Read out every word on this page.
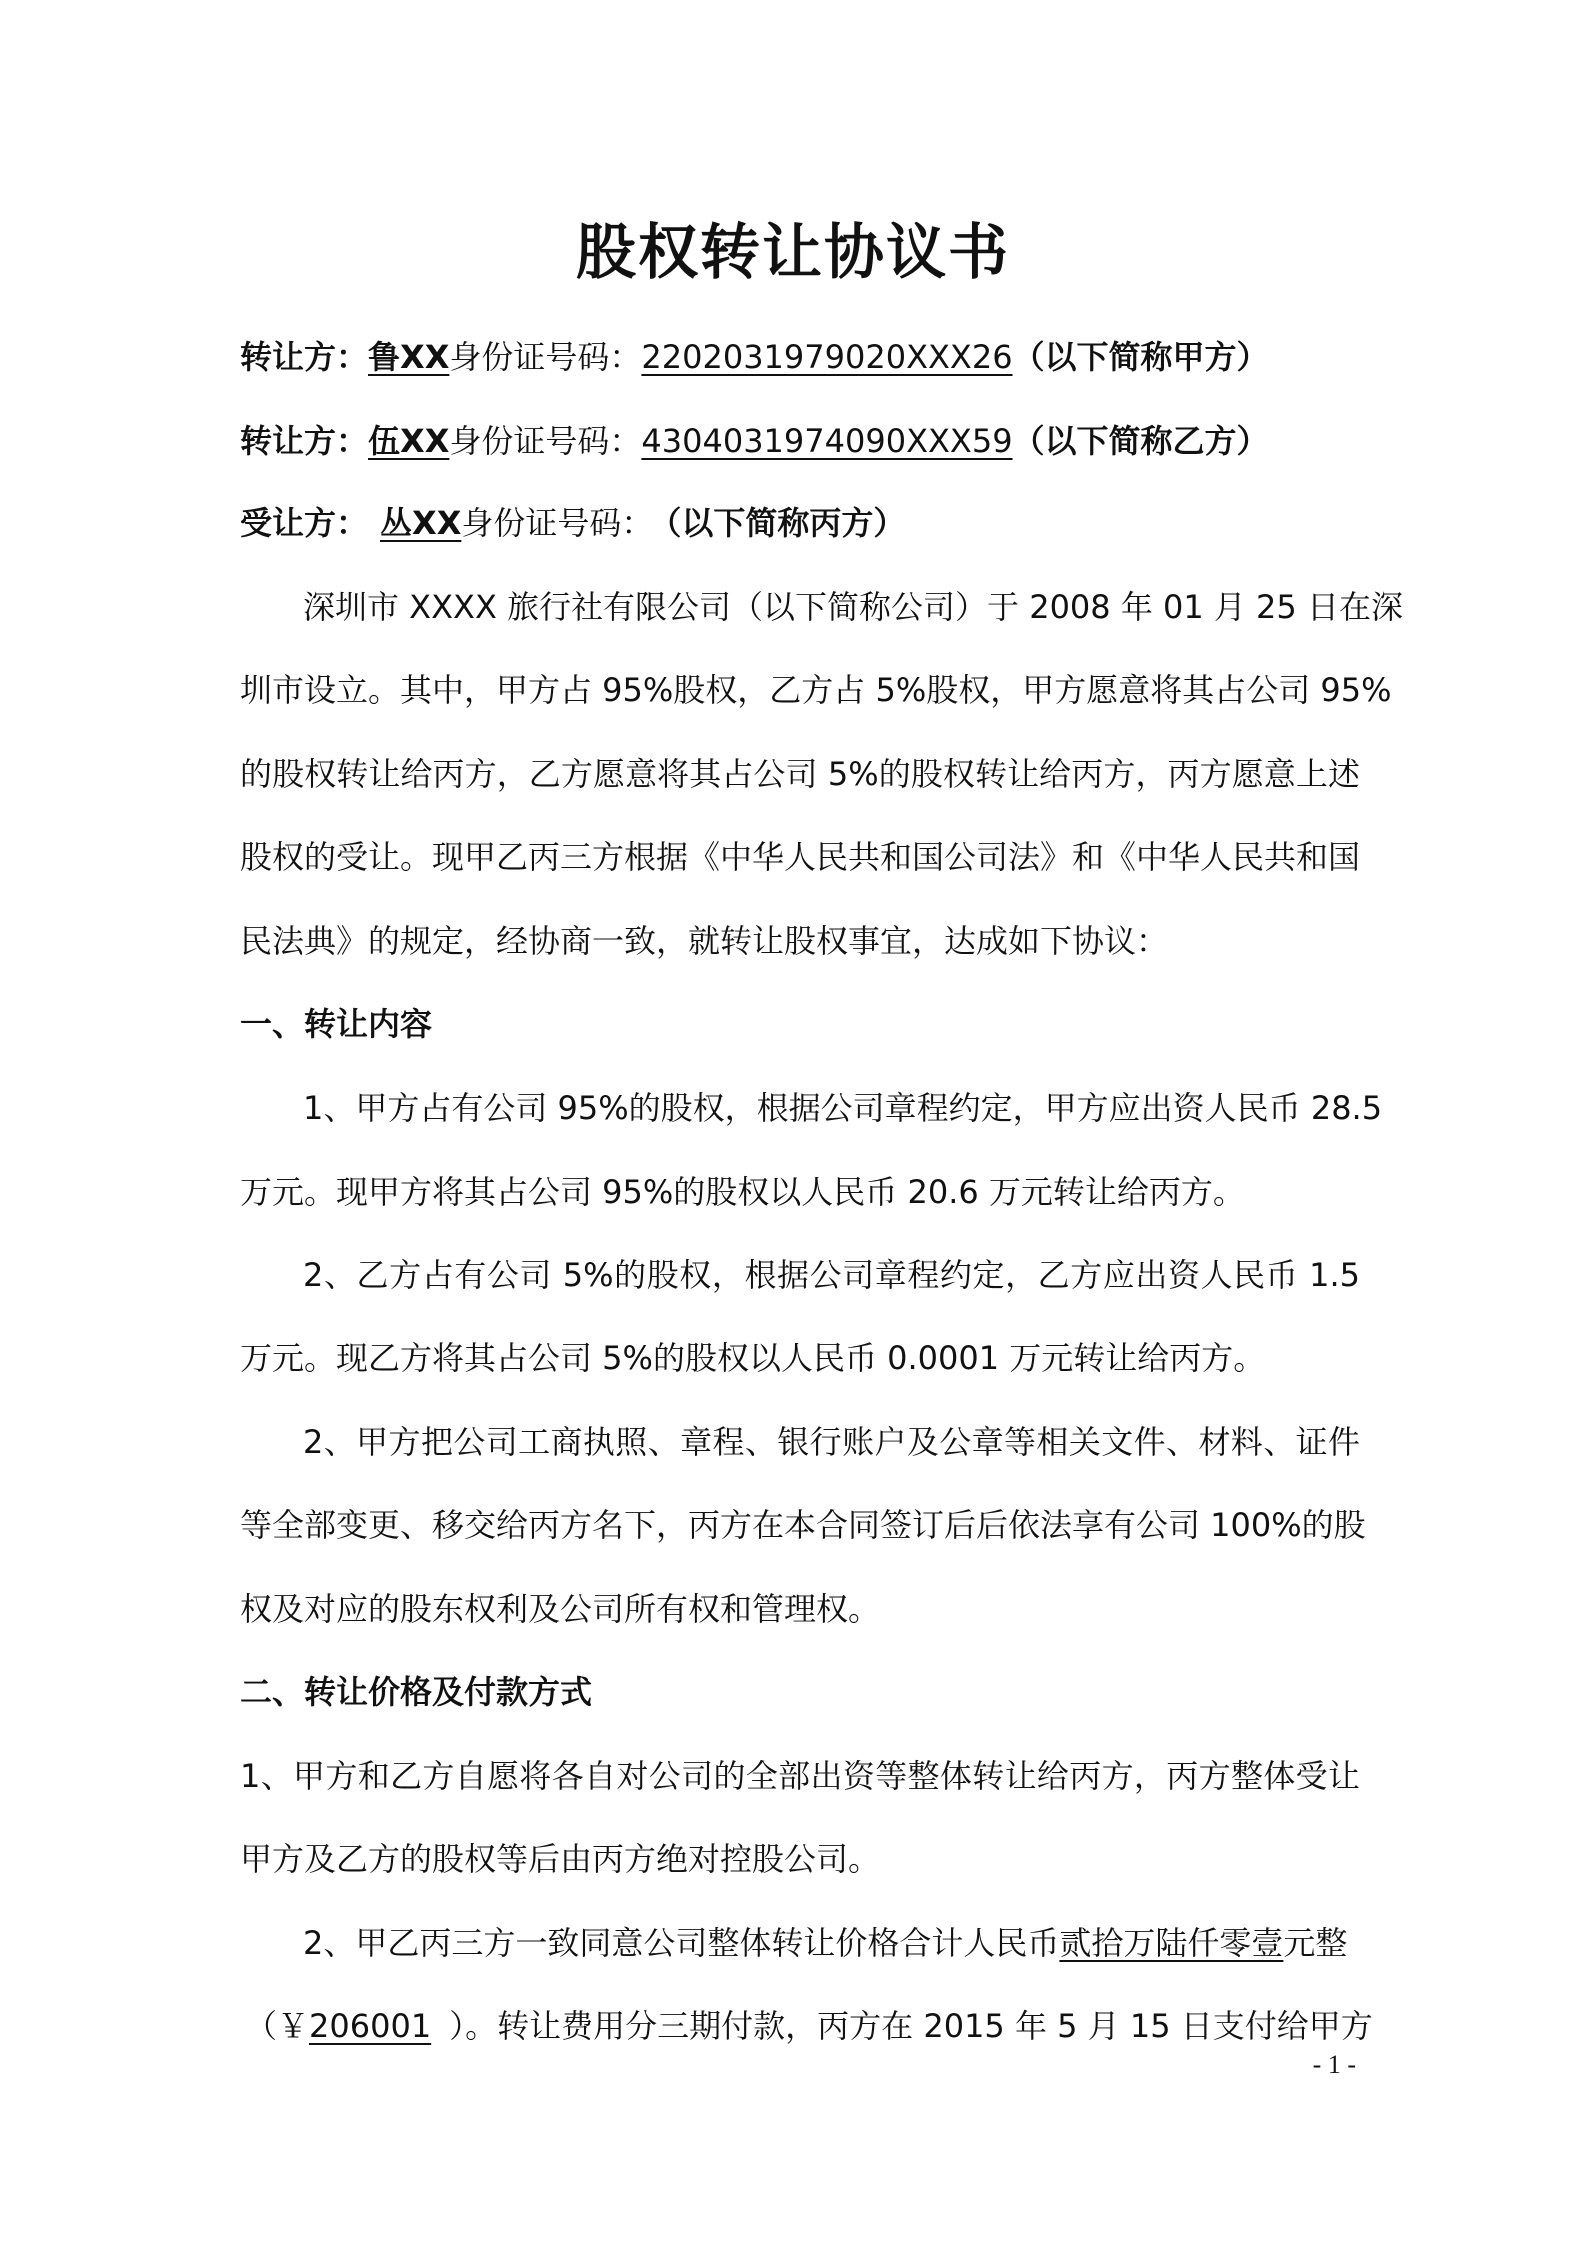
股权转让协议书
转让方：鲁XX身份证号码：2202031979020XXX26（以下简称甲方）
转让方：伍XX身份证号码：4304031974090XXX59（以下简称乙方）
受让方： 丛XX身份证号码： （以下简称丙方）
深圳市 XXXX 旅行社有限公司（以下简称公司）于 2008 年 01 月 25 日在深
圳市设立。其中，甲方占 95%股权，乙方占 5%股权，甲方愿意将其占公司 95%
的股权转让给丙方，乙方愿意将其占公司 5%的股权转让给丙方，丙方愿意上述
股权的受让。现甲乙丙三方根据《中华人民共和国公司法》和《中华人民共和国
民法典》的规定，经协商一致，就转让股权事宜，达成如下协议：
一、转让内容
1、甲方占有公司 95%的股权，根据公司章程约定，甲方应出资人民币 28.5
万元。现甲方将其占公司 95%的股权以人民币 20.6 万元转让给丙方。
2、乙方占有公司 5%的股权，根据公司章程约定，乙方应出资人民币 1.5
万元。现乙方将其占公司 5%的股权以人民币 0.0001 万元转让给丙方。
2、甲方把公司工商执照、章程、银行账户及公章等相关文件、材料、证件
等全部变更、移交给丙方名下，丙方在本合同签订后后依法享有公司 100%的股
权及对应的股东权利及公司所有权和管理权。
二、转让价格及付款方式
1、甲方和乙方自愿将各自对公司的全部出资等整体转让给丙方，丙方整体受让
甲方及乙方的股权等后由丙方绝对控股公司。
2、甲乙丙三方一致同意公司整体转让价格合计人民币贰拾万陆仟零壹元整
（￥206001 ）。转让费用分三期付款，丙方在 2015 年 5 月 15 日支付给甲方
- 1 -
